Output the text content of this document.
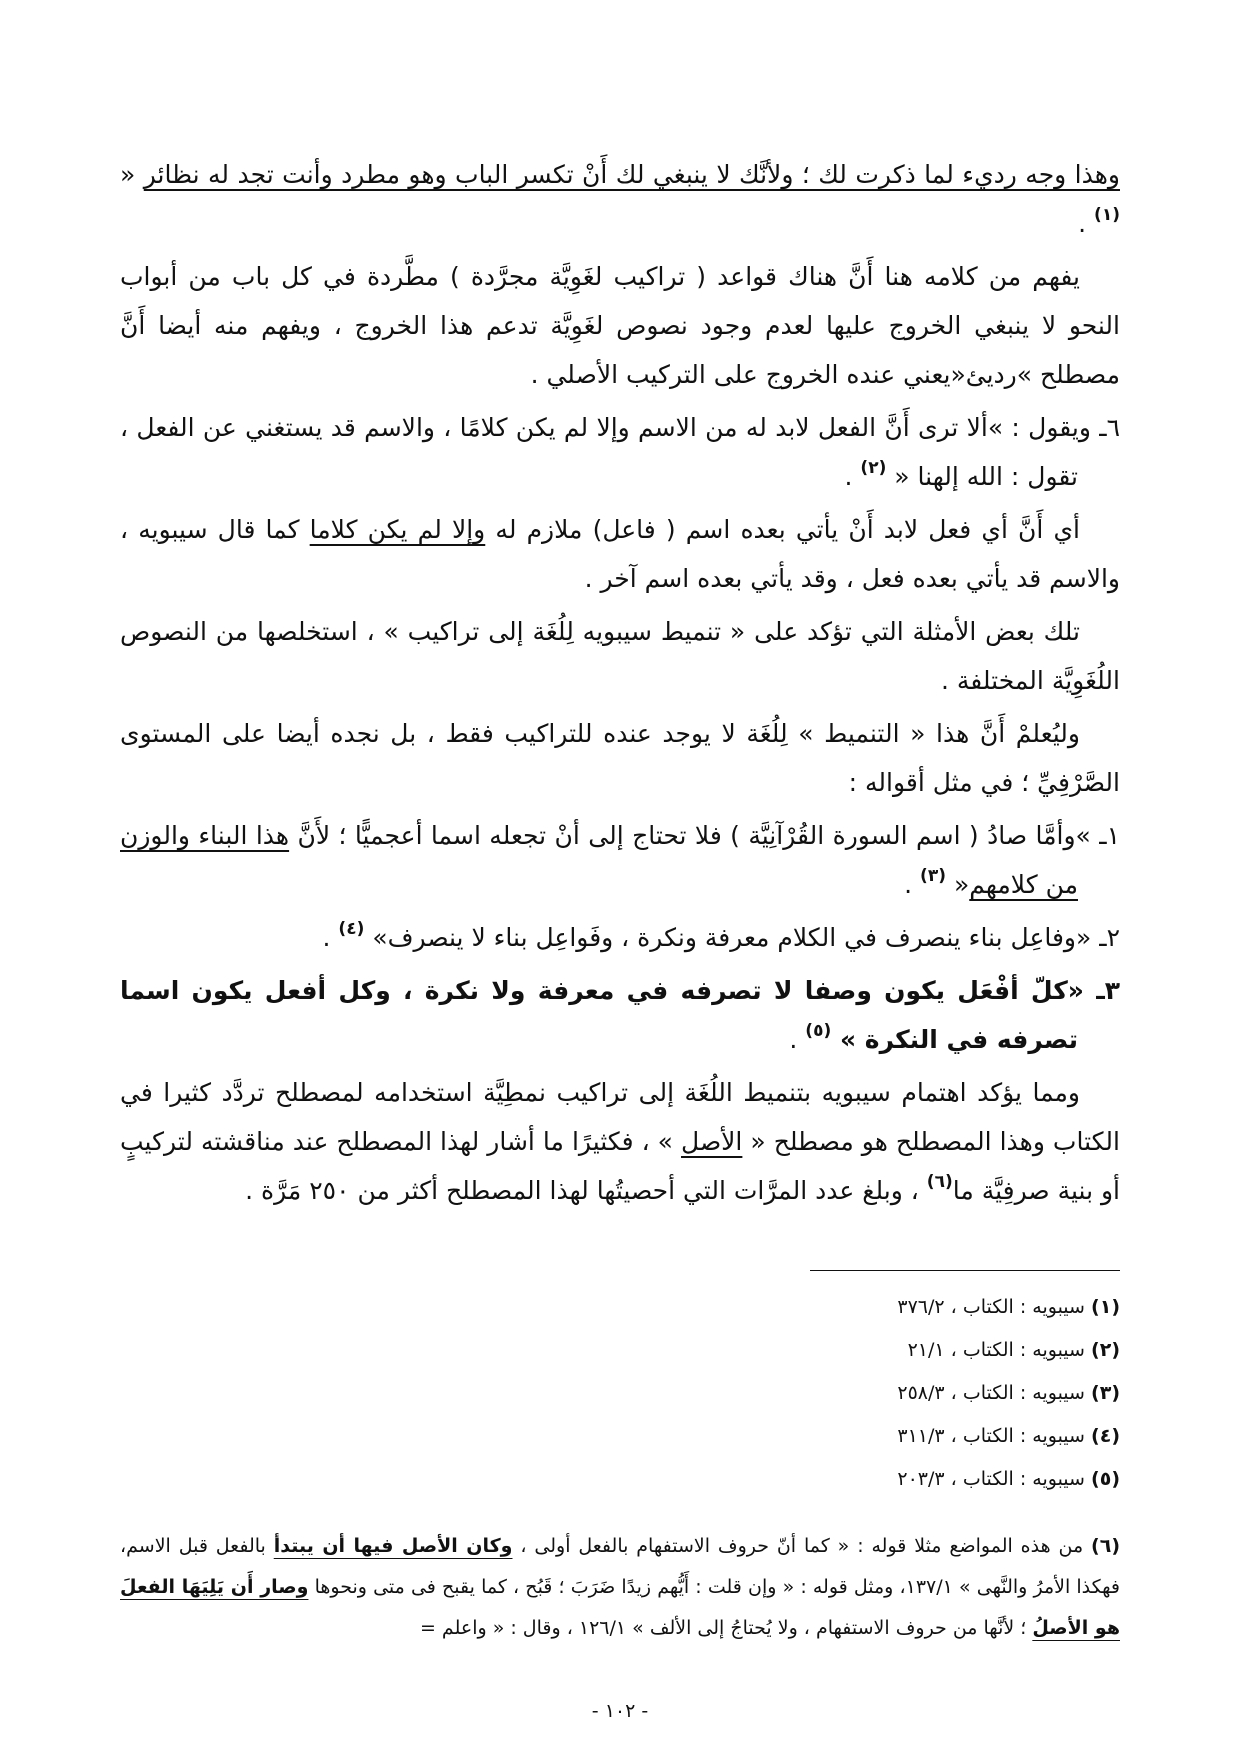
وهذا وجه رديء لما ذكرت لك ؛ ولأنَّك لا ينبغي لك أَنْ تكسر الباب وهو مطرد وأنت تجد له نظائر « $^{(١)}$ .

يفهم من كلامه هنا أَنَّ هناك قواعد ( تراكيب لغَوِيَّة مجرَّدة ) مطَّردة في كل باب من أبواب النحو لا ينبغي الخروج عليها لعدم وجود نصوص لغَوِيَّة تدعم هذا الخروج ، ويفهم منه أيضا أَنَّ مصطلح »رديئ«يعني عنده الخروج على التركيب الأصلي .

٦ـ ويقول : »ألا ترى أَنَّ الفعل لابد له من الاسم وإلا لم يكن كلامًا ، والاسم قد يستغني عن الفعل ، تقول : الله إلهنا « $^{(٢)}$ .

أي أَنَّ أي فعل لابد أَنْ يأتي بعده اسم ( فاعل) ملازم له وإلا لم يكن كلاما كما قال سيبويه ، والاسم قد يأتي بعده فعل ، وقد يأتي بعده اسم آخر .

تلك بعض الأمثلة التي تؤكد على « تنميط سيبويه لِلُغَة إلى تراكيب » ، استخلصها من النصوص اللُغَوِيَّة المختلفة .

وليُعلمْ أَنَّ هذا « التنميط » لِلُغَة لا يوجد عنده للتراكيب فقط ، بل نجده أيضا على المستوى الصَّرْفِيِّ ؛ في مثل أقواله :

١ـ »وأمَّا صادُ ( اسم السورة القُرْآنِيَّة ) فلا تحتاج إلى أنْ تجعله اسما أعجميًّا ؛ لأَنَّ هذا البناء والوزن من كلامهم« $^{(٣)}$ .

٢ـ «وفاعِل بناء ينصرف في الكلام معرفة ونكرة ، وفَواعِل بناء لا ينصرف» $^{(٤)}$ .

٣ـ «كلّ أفْعَل يكون وصفا لا تصرفه في معرفة ولا نكرة ، وكل أفعل يكون اسما تصرفه في النكرة » $^{(٥)}$ .

ومما يؤكد اهتمام سيبويه بتنميط اللُغَة إلى تراكيب نمطِيَّة استخدامه لمصطلح تردَّد كثيرا في الكتاب وهذا المصطلح هو مصطلح « الأصل » ، فكثيرًا ما أشار لهذا المصطلح عند مناقشته لتركيبٍ أو بنية صرفِيَّة ما$^{(٦)}$ ، وبلغ عدد المرَّات التي أحصيتُها لهذا المصطلح أكثر من ٢٥٠ مَرَّة .

(١) سيبويه : الكتاب ، ٣٧٦/٢

(٢) سيبويه : الكتاب ، ٢١/١

(٣) سيبويه : الكتاب ، ٢٥٨/٣

(٤) سيبويه : الكتاب ، ٣١١/٣

(٥) سيبويه : الكتاب ، ٢٠٣/٣

(٦) من هذه المواضع مثلا قوله : « كما أنّ حروف الاستفهام بالفعل أولى ، وكان الأصل فيها أن يبتدأ بالفعل قبل الاسم، فهكذا الأمرُ والنَّهى » ١٣٧/١، ومثل قوله : « وإن قلت : أَيُّهم زيدًا ضَرَبَ ؛ قَبُح ، كما يقبح فى متى ونحوها وصار أَن يَلِيَهَا الفعلَ هو الأصلُ ؛ لأنَّها من حروف الاستفهام ، ولا يُحتاجُ إلى الألف » ١٢٦/١ ، وقال : « واعلم =

- ١٠٢ -
